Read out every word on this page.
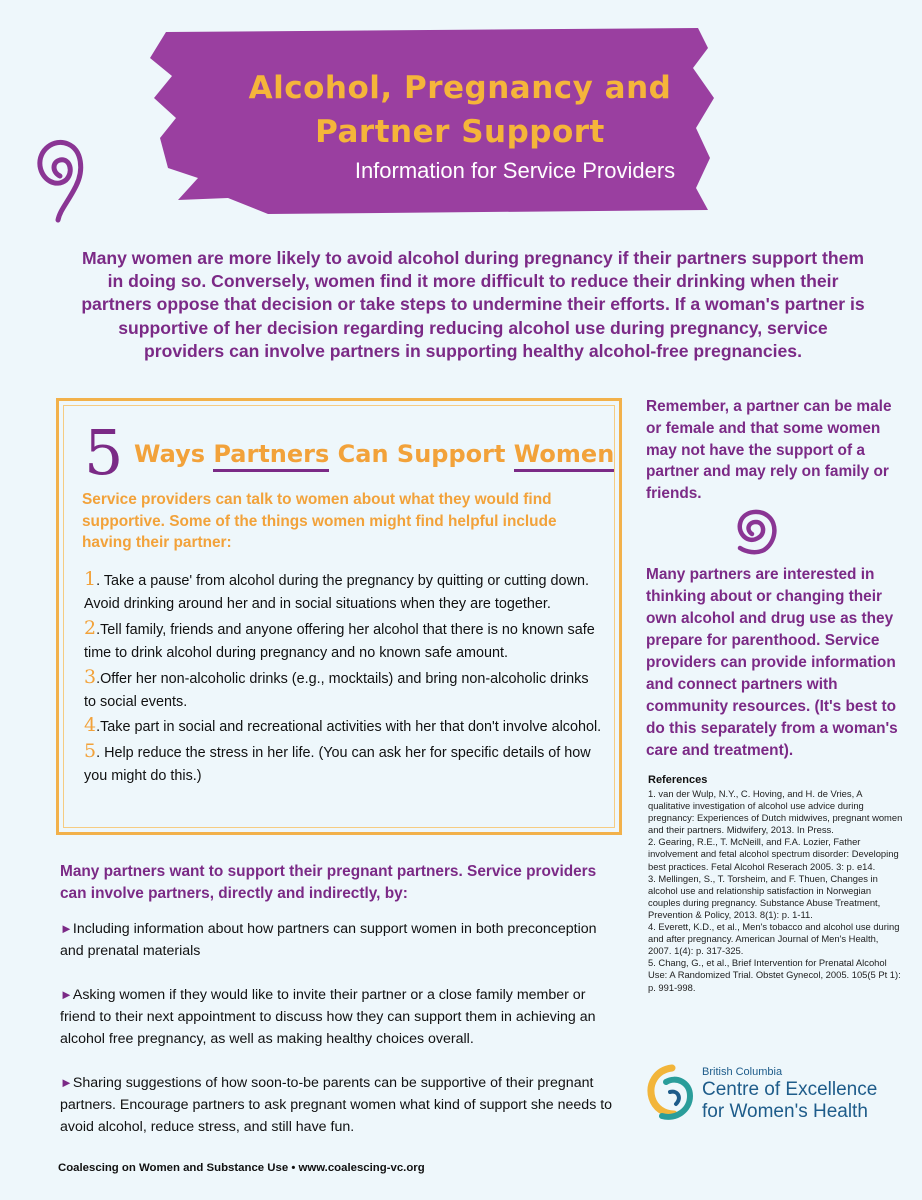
Alcohol, Pregnancy and
Partner Support
Information for Service Providers
Many women are more likely to avoid alcohol during pregnancy if their partners support them in doing so. Conversely, women find it more difficult to reduce their drinking when their partners oppose that decision or take steps to undermine their efforts. If a woman's partner is supportive of her decision regarding reducing alcohol use during pregnancy, service providers can involve partners in supporting healthy alcohol-free pregnancies.
5 Ways Partners Can Support Women
Service providers can talk to women about what they would find supportive. Some of the things women might find helpful include having their partner:
1. Take a pause' from alcohol during the pregnancy by quitting or cutting down. Avoid drinking around her and in social situations when they are together.
2.Tell family, friends and anyone offering her alcohol that there is no known safe time to drink alcohol during pregnancy and no known safe amount.
3.Offer her non-alcoholic drinks (e.g., mocktails) and bring non-alcoholic drinks to social events.
4.Take part in social and recreational activities with her that don't involve alcohol.
5. Help reduce the stress in her life. (You can ask her for specific details of how you might do this.)
Remember, a partner can be male or female and that some women may not have the support of a partner and may rely on family or friends.
Many partners are interested in thinking about or changing their own alcohol and drug use as they prepare for parenthood. Service providers can provide information and connect partners with community resources. (It's best to do this separately from a woman's care and treatment).
References
1. van der Wulp, N.Y., C. Hoving, and H. de Vries, A qualitative investigation of alcohol use advice during pregnancy: Experiences of Dutch midwives, pregnant women and their partners. Midwifery, 2013. In Press.
2. Gearing, R.E., T. McNeill, and F.A. Lozier, Father involvement and fetal alcohol spectrum disorder: Developing best practices. Fetal Alcohol Reserach 2005. 3: p. e14.
3. Mellingen, S., T. Torsheim, and F. Thuen, Changes in alcohol use and relationship satisfaction in Norwegian couples during pregnancy. Substance Abuse Treatment, Prevention & Policy, 2013. 8(1): p. 1-11.
4. Everett, K.D., et al., Men's tobacco and alcohol use during and after pregnancy. American Journal of Men's Health, 2007. 1(4): p. 317-325.
5. Chang, G., et al., Brief Intervention for Prenatal Alcohol Use: A Randomized Trial. Obstet Gynecol, 2005. 105(5 Pt 1): p. 991-998.
British Columbia
Centre of Excellence
for Women's Health
Many partners want to support their pregnant partners. Service providers can involve partners, directly and indirectly, by:
►Including information about how partners can support women in both preconception and prenatal materials
►Asking women if they would like to invite their partner or a close family member or friend to their next appointment to discuss how they can support them in achieving an alcohol free pregnancy, as well as making healthy choices overall.
►Sharing suggestions of how soon-to-be parents can be supportive of their pregnant partners. Encourage partners to ask pregnant women what kind of support she needs to avoid alcohol, reduce stress, and still have fun.
Coalescing on Women and Substance Use • www.coalescing-vc.org
